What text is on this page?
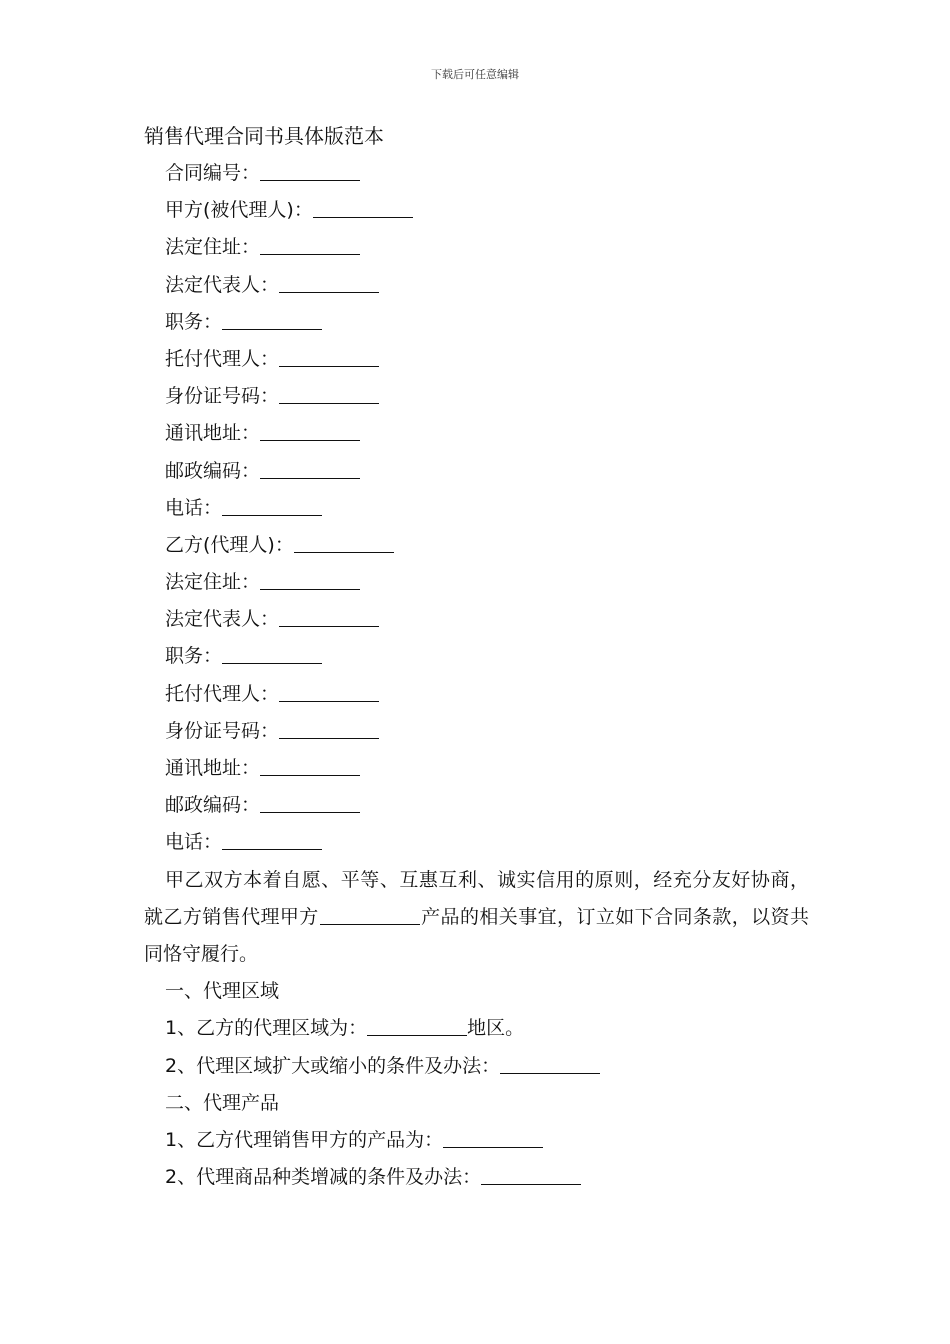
下载后可任意编辑
销售代理合同书具体版范本
合同编号：
甲方(被代理人)：
法定住址：
法定代表人：
职务：
托付代理人：
身份证号码：
通讯地址：
邮政编码：
电话：
乙方(代理人)：
法定住址：
法定代表人：
职务：
托付代理人：
身份证号码：
通讯地址：
邮政编码：
电话：

甲乙双方本着自愿、平等、互惠互利、诚实信用的原则，经充分友好协商，就乙方销售代理甲方	产品的相关事宜，订立如下合同条款，以资共同恪守履行。

一、代理区域
1、乙方的代理区域为：	地区。
2、代理区域扩大或缩小的条件及办法：
二、代理产品
1、乙方代理销售甲方的产品为：
2、代理商品种类增减的条件及办法：
